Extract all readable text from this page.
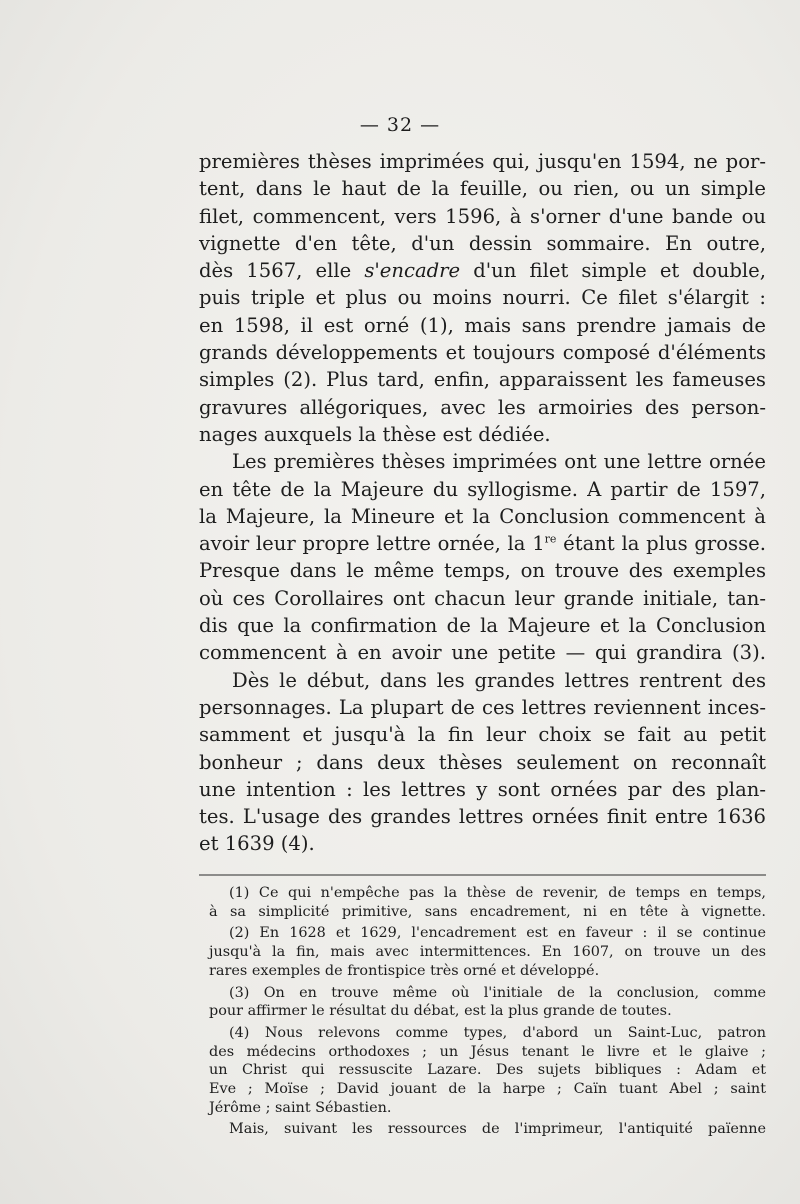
— 32 —

premières thèses imprimées qui, jusqu'en 1594, ne por-

tent, dans le haut de la feuille, ou rien, ou un simple

filet, commencent, vers 1596, à s'orner d'une bande ou

vignette d'en tête, d'un dessin sommaire. En outre,

dès 1567, elle s'encadre d'un filet simple et double,

puis triple et plus ou moins nourri. Ce filet s'élargit :

en 1598, il est orné (1), mais sans prendre jamais de

grands développements et toujours composé d'éléments

simples (2). Plus tard, enfin, apparaissent les fameuses

gravures allégoriques, avec les armoiries des person-

nages auxquels la thèse est dédiée.

Les premières thèses imprimées ont une lettre ornée

en tête de la Majeure du syllogisme. A partir de 1597,

la Majeure, la Mineure et la Conclusion commencent à

avoir leur propre lettre ornée, la 1re étant la plus grosse.

Presque dans le même temps, on trouve des exemples

où ces Corollaires ont chacun leur grande initiale, tan-

dis que la confirmation de la Majeure et la Conclusion

commencent à en avoir une petite — qui grandira (3).

Dès le début, dans les grandes lettres rentrent des

personnages. La plupart de ces lettres reviennent inces-

samment et jusqu'à la fin leur choix se fait au petit

bonheur ; dans deux thèses seulement on reconnaît

une intention : les lettres y sont ornées par des plan-

tes. L'usage des grandes lettres ornées finit entre 1636

et 1639 (4).

(1) Ce qui n'empêche pas la thèse de revenir, de temps en temps,

à sa simplicité primitive, sans encadrement, ni en tête à vignette.

(2) En 1628 et 1629, l'encadrement est en faveur : il se continue

jusqu'à la fin, mais avec intermittences. En 1607, on trouve un des

rares exemples de frontispice très orné et développé.

(3) On en trouve même où l'initiale de la conclusion, comme

pour affirmer le résultat du débat, est la plus grande de toutes.

(4) Nous relevons comme types, d'abord un Saint-Luc, patron

des médecins orthodoxes ; un Jésus tenant le livre et le glaive ;

un Christ qui ressuscite Lazare. Des sujets bibliques : Adam et

Eve ; Moïse ; David jouant de la harpe ; Caïn tuant Abel ; saint

Jérôme ; saint Sébastien.

Mais, suivant les ressources de l'imprimeur, l'antiquité païenne
